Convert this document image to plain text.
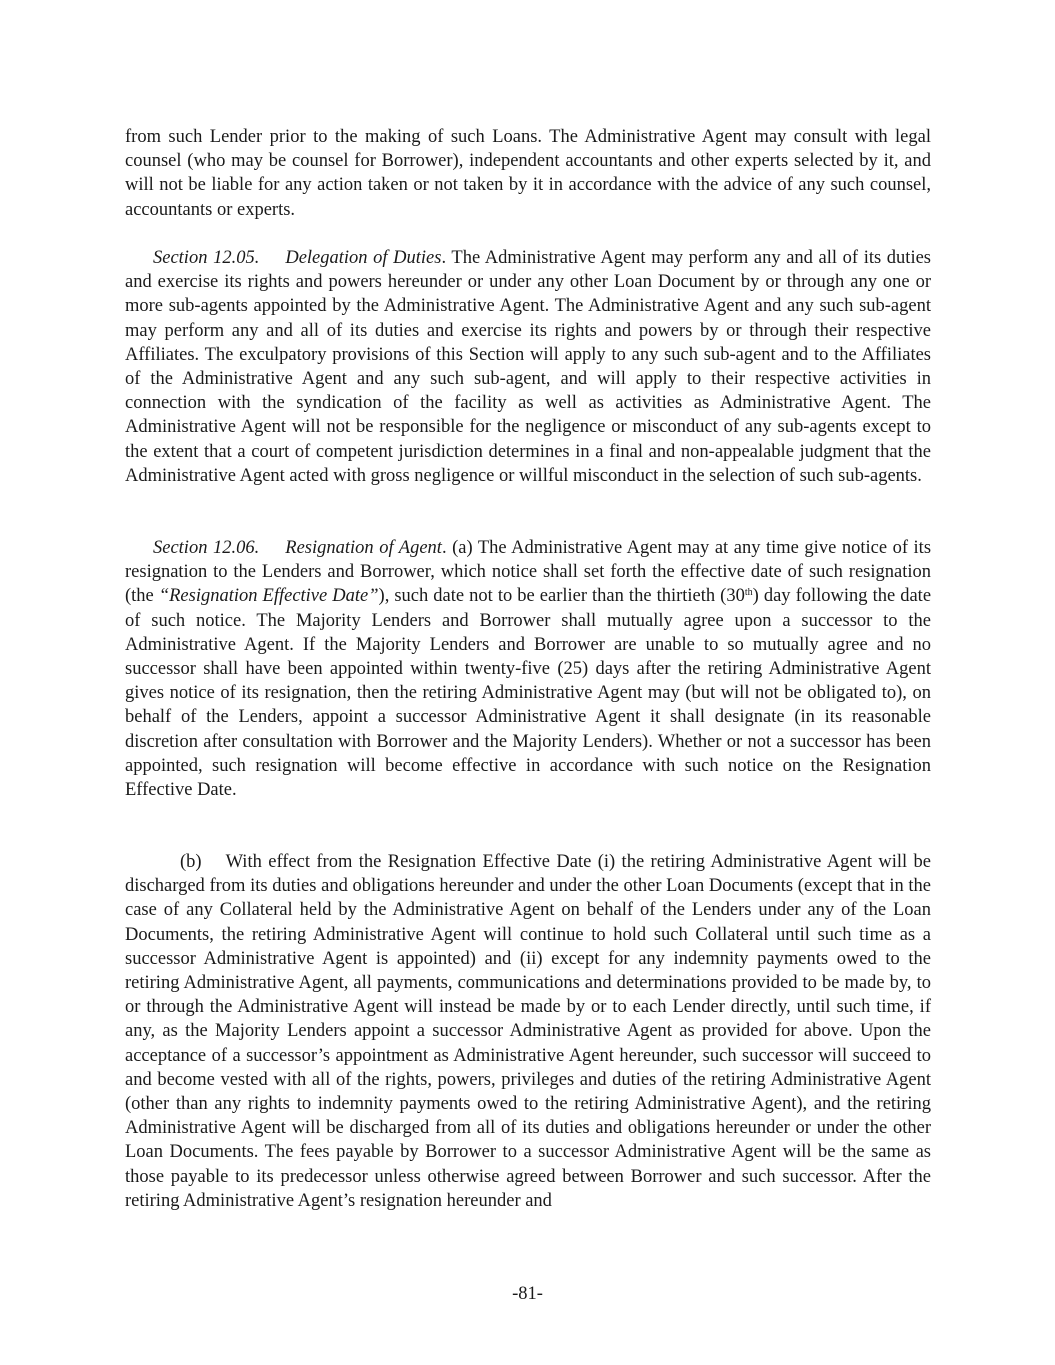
from such Lender prior to the making of such Loans. The Administrative Agent may consult with legal counsel (who may be counsel for Borrower), independent accountants and other experts selected by it, and will not be liable for any action taken or not taken by it in accordance with the advice of any such counsel, accountants or experts.

Section 12.05. Delegation of Duties. The Administrative Agent may perform any and all of its duties and exercise its rights and powers hereunder or under any other Loan Document by or through any one or more sub-agents appointed by the Administrative Agent. The Administrative Agent and any such sub-agent may perform any and all of its duties and exercise its rights and powers by or through their respective Affiliates. The exculpatory provisions of this Section will apply to any such sub-agent and to the Affiliates of the Administrative Agent and any such sub-agent, and will apply to their respective activities in connection with the syndication of the facility as well as activities as Administrative Agent. The Administrative Agent will not be responsible for the negligence or misconduct of any sub-agents except to the extent that a court of competent jurisdiction determines in a final and non-appealable judgment that the Administrative Agent acted with gross negligence or willful misconduct in the selection of such sub-agents.

Section 12.06. Resignation of Agent. (a) The Administrative Agent may at any time give notice of its resignation to the Lenders and Borrower, which notice shall set forth the effective date of such resignation (the “Resignation Effective Date”), such date not to be earlier than the thirtieth (30th) day following the date of such notice. The Majority Lenders and Borrower shall mutually agree upon a successor to the Administrative Agent. If the Majority Lenders and Borrower are unable to so mutually agree and no successor shall have been appointed within twenty-five (25) days after the retiring Administrative Agent gives notice of its resignation, then the retiring Administrative Agent may (but will not be obligated to), on behalf of the Lenders, appoint a successor Administrative Agent it shall designate (in its reasonable discretion after consultation with Borrower and the Majority Lenders). Whether or not a successor has been appointed, such resignation will become effective in accordance with such notice on the Resignation Effective Date.

(b) With effect from the Resignation Effective Date (i) the retiring Administrative Agent will be discharged from its duties and obligations hereunder and under the other Loan Documents (except that in the case of any Collateral held by the Administrative Agent on behalf of the Lenders under any of the Loan Documents, the retiring Administrative Agent will continue to hold such Collateral until such time as a successor Administrative Agent is appointed) and (ii) except for any indemnity payments owed to the retiring Administrative Agent, all payments, communications and determinations provided to be made by, to or through the Administrative Agent will instead be made by or to each Lender directly, until such time, if any, as the Majority Lenders appoint a successor Administrative Agent as provided for above. Upon the acceptance of a successor’s appointment as Administrative Agent hereunder, such successor will succeed to and become vested with all of the rights, powers, privileges and duties of the retiring Administrative Agent (other than any rights to indemnity payments owed to the retiring Administrative Agent), and the retiring Administrative Agent will be discharged from all of its duties and obligations hereunder or under the other Loan Documents. The fees payable by Borrower to a successor Administrative Agent will be the same as those payable to its predecessor unless otherwise agreed between Borrower and such successor. After the retiring Administrative Agent’s resignation hereunder and

-81-
